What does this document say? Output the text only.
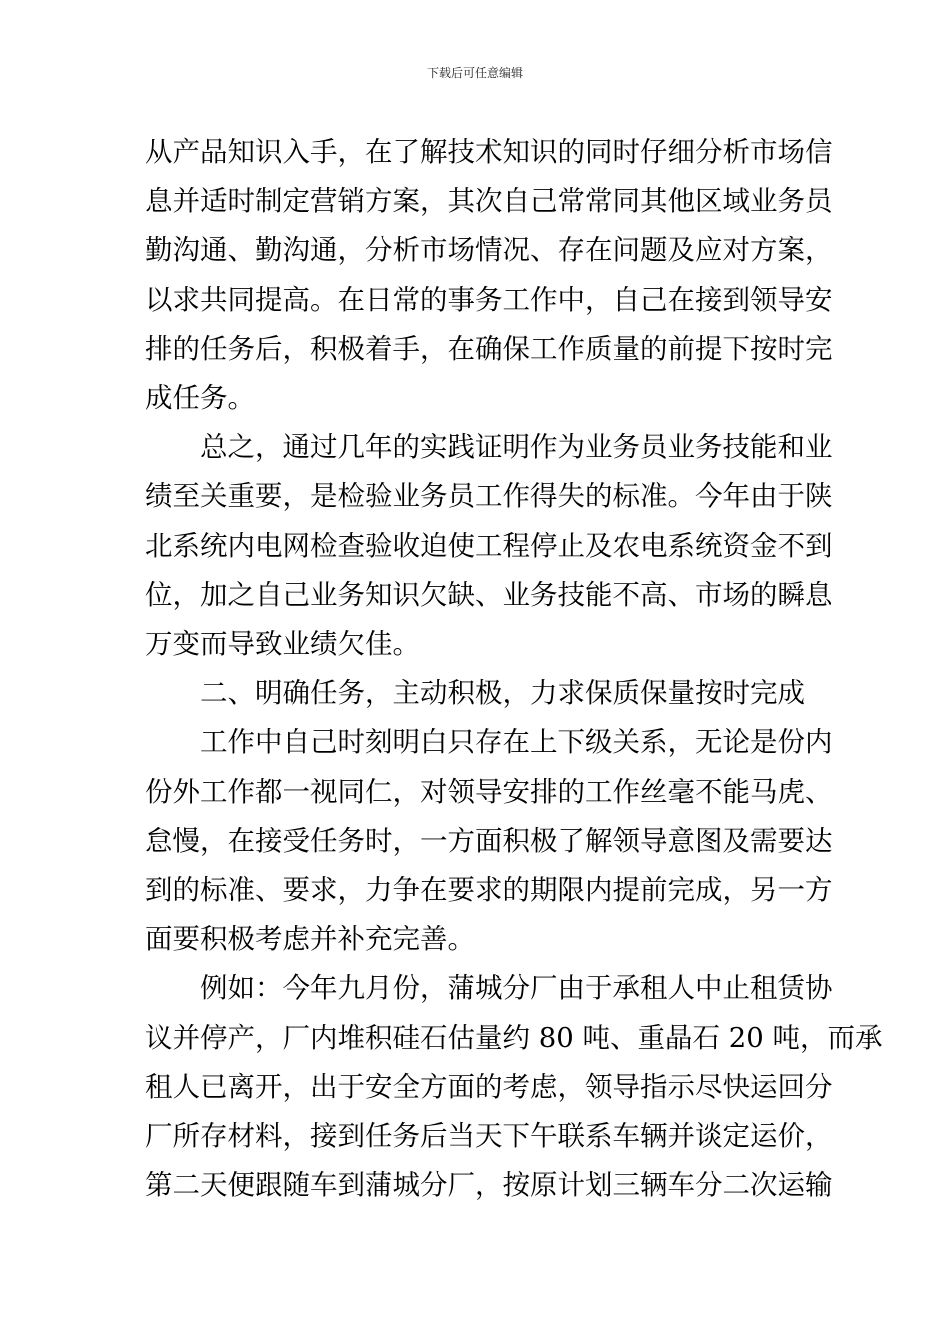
下载后可任意编辑

从产品知识入手，在了解技术知识的同时仔细分析市场信
息并适时制定营销方案，其次自己常常同其他区域业务员
勤沟通、勤沟通，分析市场情况、存在问题及应对方案，
以求共同提高。在日常的事务工作中，自己在接到领导安
排的任务后，积极着手，在确保工作质量的前提下按时完
成任务。

总之，通过几年的实践证明作为业务员业务技能和业
绩至关重要，是检验业务员工作得失的标准。今年由于陕
北系统内电网检查验收迫使工程停止及农电系统资金不到
位，加之自己业务知识欠缺、业务技能不高、市场的瞬息
万变而导致业绩欠佳。

二、明确任务，主动积极，力求保质保量按时完成

工作中自己时刻明白只存在上下级关系，无论是份内
份外工作都一视同仁，对领导安排的工作丝毫不能马虎、
怠慢，在接受任务时，一方面积极了解领导意图及需要达
到的标准、要求，力争在要求的期限内提前完成，另一方
面要积极考虑并补充完善。

例如：今年九月份，蒲城分厂由于承租人中止租赁协
议并停产，厂内堆积硅石估量约 80 吨、重晶石 20 吨，而承
租人已离开，出于安全方面的考虑，领导指示尽快运回分
厂所存材料，接到任务后当天下午联系车辆并谈定运价，
第二天便跟随车到蒲城分厂，按原计划三辆车分二次运输
